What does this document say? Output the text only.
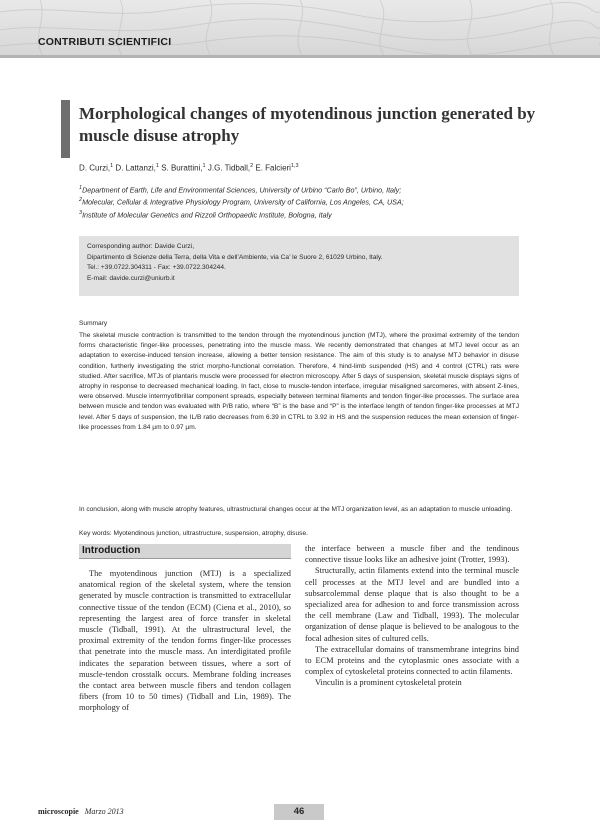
CONTRIBUTI SCIENTIFICI
Morphological changes of myotendinous junction generated by muscle disuse atrophy
D. Curzi,$^1$ D. Lattanzi,$^1$ S. Burattini,$^1$ J.G. Tidball,$^2$ E. Falcieri$^{1,3}$
$^1$Department of Earth, Life and Environmental Sciences, University of Urbino “Carlo Bo”, Urbino, Italy;
$^2$Molecular, Cellular & Integrative Physiology Program, University of California, Los Angeles, CA, USA;
$^3$Institute of Molecular Genetics and Rizzoli Orthopaedic Institute, Bologna, Italy
Corresponding author: Davide Curzi,
Dipartimento di Scienze della Terra, della Vita e dell’Ambiente, via Ca’ le Suore 2, 61029 Urbino, Italy.
Tel.: +39.0722.304311 - Fax: +39.0722.304244.
E-mail: davide.curzi@uniurb.it
Summary

The skeletal muscle contraction is transmitted to the tendon through the myotendinous junction (MTJ), where the proximal extremity of the tendon forms characteristic finger-like processes, penetrating into the muscle mass. We recently demonstrated that changes at MTJ level occur as an adaptation to exercise-induced tension increase, allowing a better tension resistance. The aim of this study is to analyse MTJ behavior in disuse condition, furtherly investigating the strict morpho-functional correlation. Therefore, 4 hind-limb suspended (HS) and 4 control (CTRL) rats were studied. After sacrifice, MTJs of plantaris muscle were processed for electron microscopy. After 5 days of suspension, skeletal muscle displays signs of atrophy in response to decreased mechanical loading. In fact, close to muscle-tendon interface, irregular misaligned sarcomeres, with absent Z-lines, were observed. Muscle intermyofibrillar component spreads, especially between terminal filaments and tendon finger-like processes. The surface area between muscle and tendon was evaluated with P/B ratio, where “B” is the base and “P” is the interface length of tendon finger-like processes at MTJ level. After 5 days of suspension, the IL/B ratio decreases from 6.39 in CTRL to 3.92 in HS and the suspension reduces the mean extension of finger-like processes from 1.84 µm to 0.97 µm.

In conclusion, along with muscle atrophy features, ultrastructural changes occur at the MTJ organization level, as an adaptation to muscle unloading.

Key words: Myotendinous junction, ultrastructure, suspension, atrophy, disuse.
Introduction

The myotendinous junction (MTJ) is a specialized anatomical region of the skeletal system, where the tension generated by muscle contraction is transmitted to extracellular connective tissue of the tendon (ECM) (Ciena et al., 2010), so representing the largest area of force transfer in skeletal muscle (Tidball, 1991). At the ultrastructural level, the proximal extremity of the tendon forms finger-like processes that penetrate into the muscle mass. An interdigitated profile indicates the separation between tissues, where a sort of muscle-tendon crosstalk occurs. Membrane folding increases the contact area between muscle fibers and tendon collagen fibers (from 10 to 50 times) (Tidball and Lin, 1989). The morphology of

the interface between a muscle fiber and the tendinous connective tissue looks like an adhesive joint (Trotter, 1993).

Structurally, actin filaments extend into the terminal muscle cell processes at the MTJ level and are bundled into a subsarcolemmal dense plaque that is also thought to be a specialized area for adhesion to and force transmission across the cell membrane (Law and Tidball, 1993). The molecular organization of dense plaque is believed to be analogous to the focal adhesion sites of cultured cells.

The extracellular domains of transmembrane integrins bind to ECM proteins and the cytoplasmic ones associate with a complex of cytoskeletal proteins connected to actin filaments.

Vinculin is a prominent cytoskeletal protein

microscopie Marzo 2013	46
